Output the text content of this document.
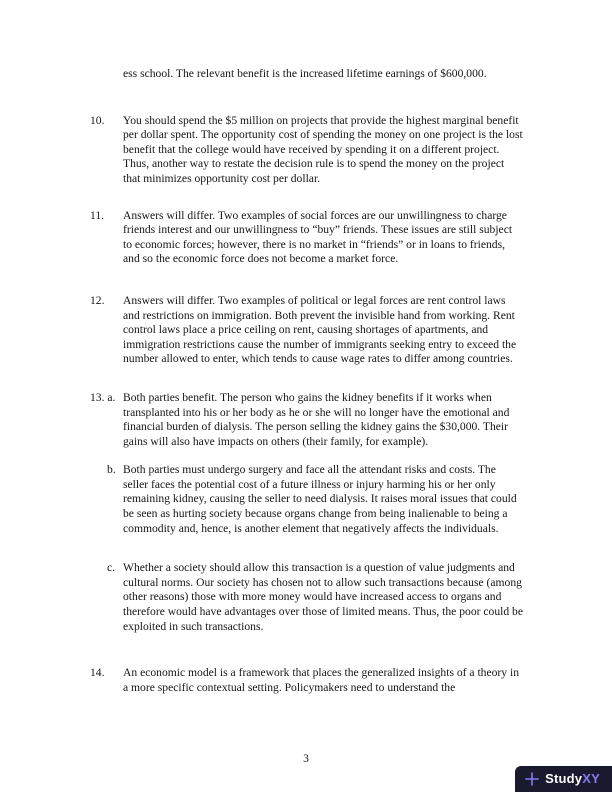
ess school. The relevant benefit is the increased lifetime earnings of $600,000.
10.	You should spend the $5 million on projects that provide the highest marginal benefit per dollar spent. The opportunity cost of spending the money on one project is the lost benefit that the college would have received by spending it on a different project. Thus, another way to restate the decision rule is to spend the money on the project that minimizes opportunity cost per dollar.
11.	Answers will differ. Two examples of social forces are our unwillingness to charge friends interest and our unwillingness to “buy” friends. These issues are still subject to economic forces; however, there is no market in “friends” or in loans to friends, and so the economic force does not become a market force.
12.	Answers will differ. Two examples of political or legal forces are rent control laws and restrictions on immigration. Both prevent the invisible hand from working. Rent control laws place a price ceiling on rent, causing shortages of apartments, and immigration restrictions cause the number of immigrants seeking entry to exceed the number allowed to enter, which tends to cause wage rates to differ among countries.
13. a. Both parties benefit. The person who gains the kidney benefits if it works when transplanted into his or her body as he or she will no longer have the emotional and financial burden of dialysis. The person selling the kidney gains the $30,000. Their gains will also have impacts on others (their family, for example).
b. Both parties must undergo surgery and face all the attendant risks and costs. The seller faces the potential cost of a future illness or injury harming his or her only remaining kidney, causing the seller to need dialysis. It raises moral issues that could be seen as hurting society because organs change from being inalienable to being a commodity and, hence, is another element that negatively affects the individuals.
c. Whether a society should allow this transaction is a question of value judgments and cultural norms. Our society has chosen not to allow such transactions because (among other reasons) those with more money would have increased access to organs and therefore would have advantages over those of limited means. Thus, the poor could be exploited in such transactions.
14.	An economic model is a framework that places the generalized insights of a theory in a more specific contextual setting. Policymakers need to understand the
3
StudyXY
